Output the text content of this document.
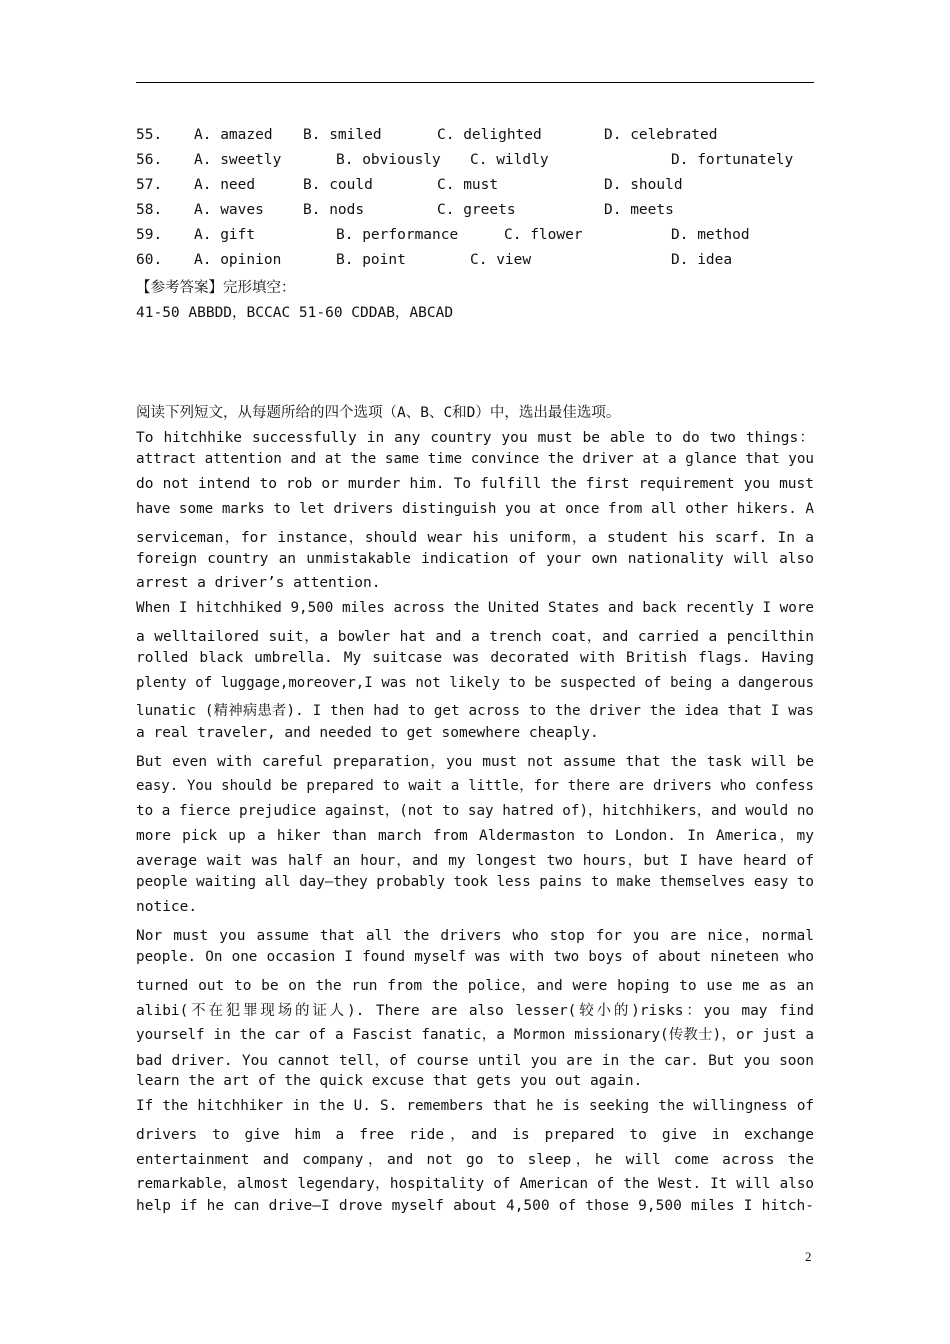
55. A. amazed B. smiled	C. delighted	D. celebrated
56. A. sweetly	B. obviously C. wildly	D. fortunately
57. A. need	B. could	C. must	D. should
58. A. waves	B. nods	C. greets	D. meets
59. A. gift	B. performance	C. flower	D. method
60. A. opinion	B. point	C. view	D. idea
【参考答案】完形填空：
41-50 ABBDD，BCCAC 51-60 CDDAB，ABCAD
阅读下列短文，从每题所给的四个选项（A、B、C和D）中，选出最佳选项。
To hitchhike successfully in any country you must be able to do two things：
attract attention and at the same time convince the driver at a glance that you
do not intend to rob or murder him. To fulfill the first requirement you must
have some marks to let drivers distinguish you at once from all other hikers. A
serviceman，for instance，should wear his uniform，a student his scarf. In a
foreign country an unmistakable indication of your own nationality will also
arrest a driver’s attention.
When I hitchhiked 9,500 miles across the United States and back recently I wore
a welltailored suit，a bowler hat and a trench coat，and carried a pencilthin
rolled black umbrella. My suitcase was decorated with British flags. Having
plenty of luggage,moreover,I was not likely to be suspected of being a dangerous
lunatic (精神病患者). I then had to get across to the driver the idea that I was
a real traveler, and needed to get somewhere cheaply.
But even with careful preparation，you must not assume that the task will be
easy. You should be prepared to wait a little，for there are drivers who confess
to a fierce prejudice against，(not to say hatred of)，hitchhikers，and would no
more pick up a hiker than march from Aldermaston to London. In America，my
average wait was half an hour，and my longest two hours，but I have heard of
people waiting all day—they probably took less pains to make themselves easy to
notice.
Nor must you assume that all the drivers who stop for you are nice，normal
people. On one occasion I found myself was with two boys of about nineteen who
turned out to be on the run from the police，and were hoping to use me as an
alibi(不在犯罪现场的证人). There are also lesser(较小的)risks：you may find
yourself in the car of a Fascist fanatic，a Mormon missionary(传教士)，or just a
bad driver. You cannot tell，of course until you are in the car. But you soon
learn the art of the quick excuse that gets you out again.
If the hitchhiker in the U. S. remembers that he is seeking the willingness of
drivers to give him a free ride，and is prepared to give in exchange
entertainment and company，and not go to sleep，he will come across the
remarkable，almost legendary，hospitality of American of the West. It will also
help if he can drive—I drove myself about 4,500 of those 9,500 miles I hitch-
2
